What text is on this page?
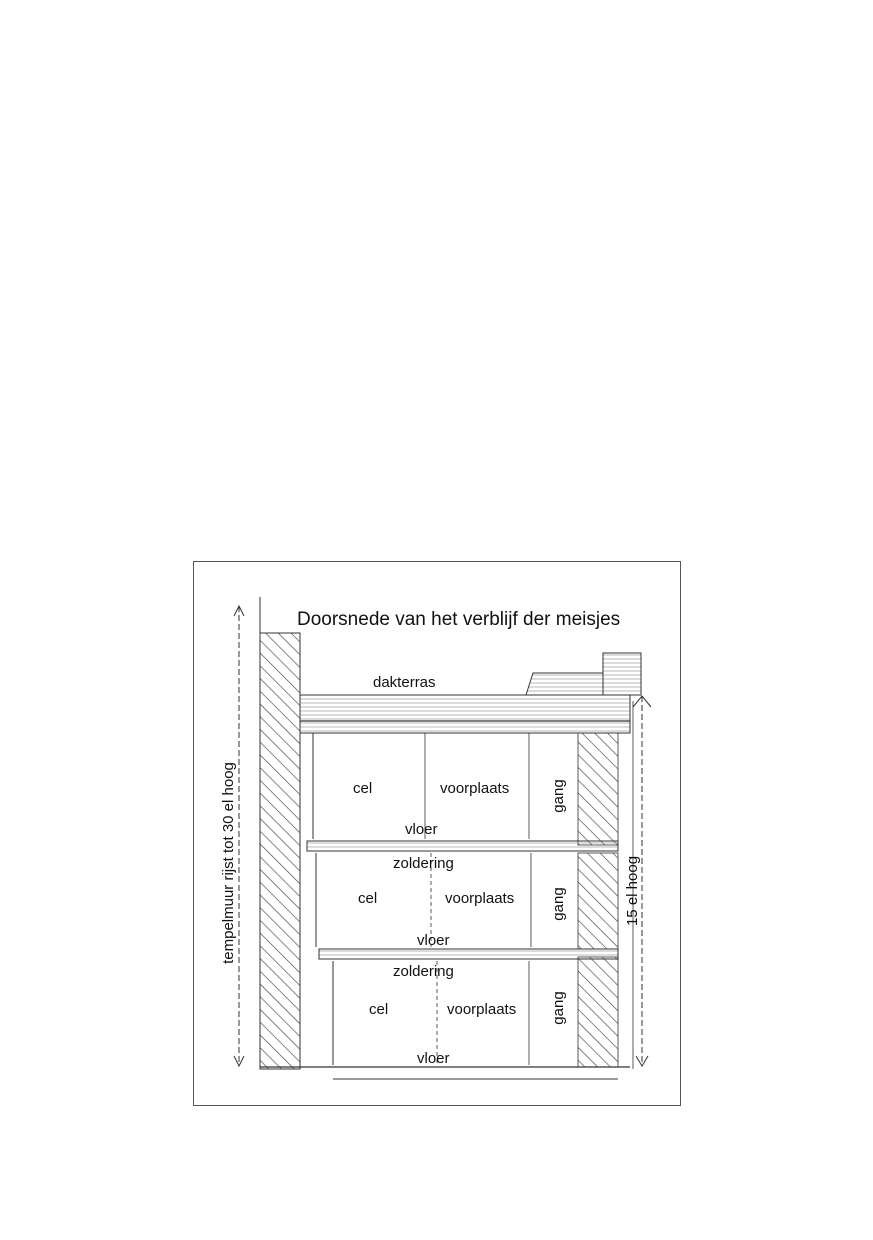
Doorsnede van het verblijf der meisjes
dakterras
tempelmuur rijst tot 30 el hoog	15 el hoog
cel	voorplaats	gang
vloer
zoldering
cel	voorplaats gang
vloer
zoldering
cel	voorplaats gang
vloer
